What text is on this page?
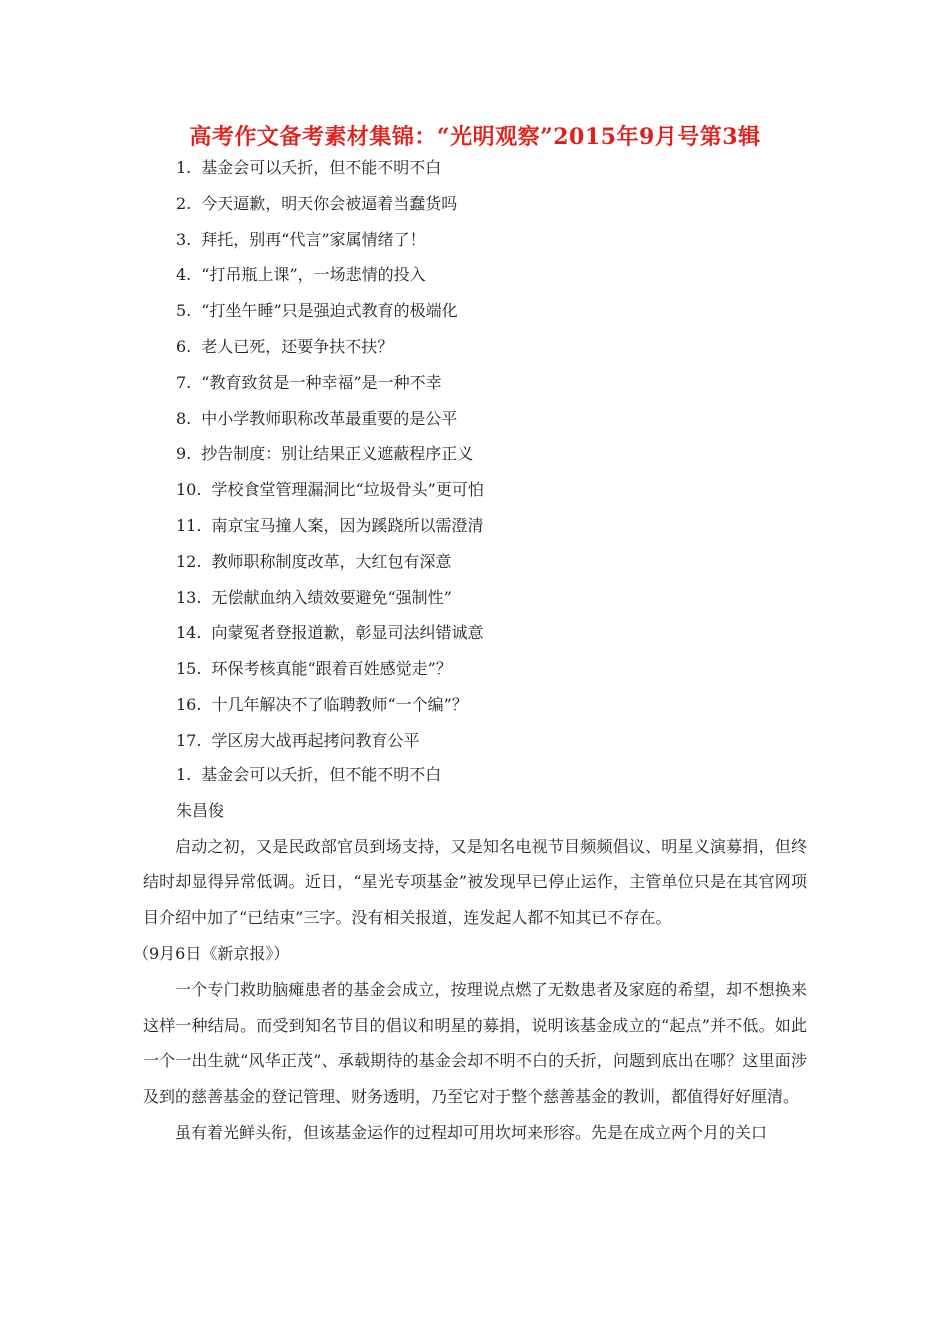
高考作文备考素材集锦：“光明观察”2015年9月号第3辑
1. 基金会可以夭折，但不能不明不白
2. 今天逼歉，明天你会被逼着当蠢货吗
3. 拜托，别再“代言”家属情绪了！
4. “打吊瓶上课”，一场悲情的投入
5. “打坐午睡”只是强迫式教育的极端化
6. 老人已死，还要争扶不扶？
7. “教育致贫是一种幸福”是一种不幸
8. 中小学教师职称改革最重要的是公平
9. 抄告制度：别让结果正义遮蔽程序正义
10. 学校食堂管理漏洞比“垃圾骨头”更可怕
11. 南京宝马撞人案，因为蹊跷所以需澄清
12. 教师职称制度改革，大红包有深意
13. 无偿献血纳入绩效要避免“强制性”
14. 向蒙冤者登报道歉，彰显司法纠错诚意
15. 环保考核真能“跟着百姓感觉走”？
16. 十几年解决不了临聘教师“一个编”？
17. 学区房大战再起拷问教育公平

1. 基金会可以夭折，但不能不明不白

朱昌俊

启动之初，又是民政部官员到场支持，又是知名电视节目频频倡议、明星义演募捐，但终结时却显得异常低调。近日，“星光专项基金”被发现早已停止运作，主管单位只是在其官网项目介绍中加了“已结束”三字。没有相关报道，连发起人都不知其已不存在。

（9月6日《新京报》）

一个专门救助脑瘫患者的基金会成立，按理说点燃了无数患者及家庭的希望，却不想换来这样一种结局。而受到知名节目的倡议和明星的募捐，说明该基金成立的“起点”并不低。如此一个一出生就“风华正茂”、承载期待的基金会却不明不白的夭折，问题到底出在哪？这里面涉及到的慈善基金的登记管理、财务透明，乃至它对于整个慈善基金的教训，都值得好好厘清。

虽有着光鲜头衔，但该基金运作的过程却可用坎坷来形容。先是在成立两个月的关口
